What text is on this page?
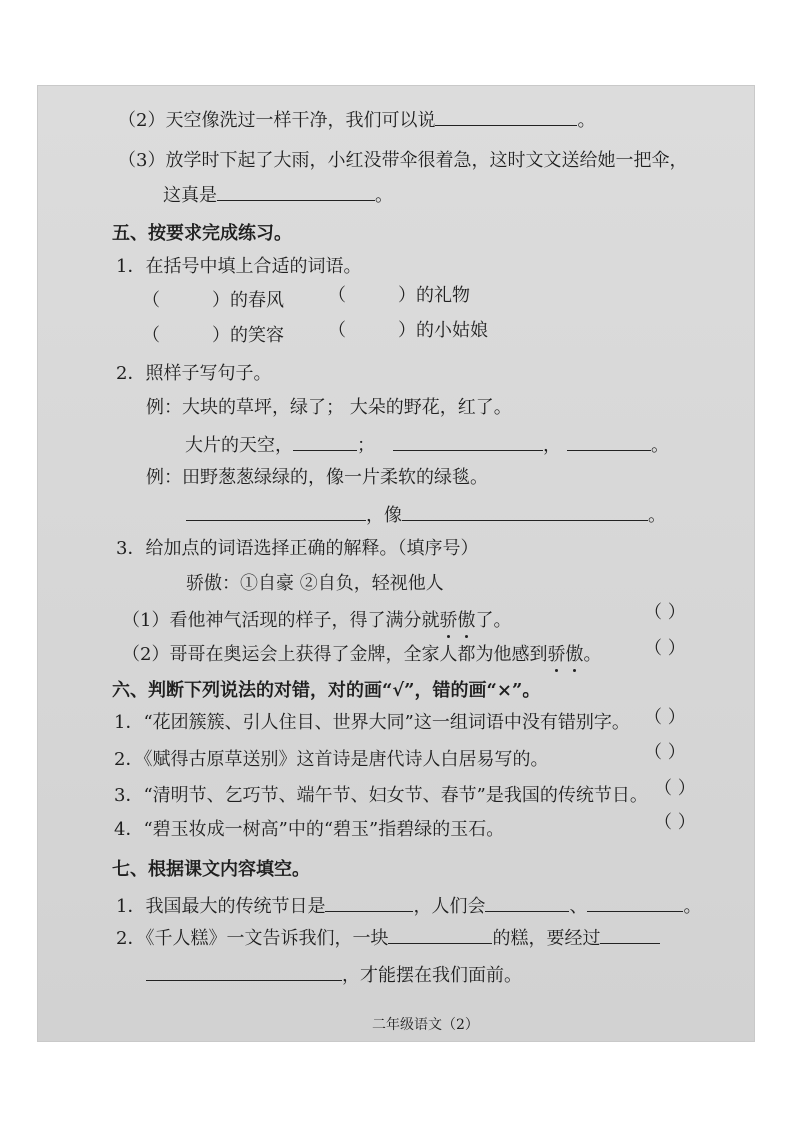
（2）天空像洗过一样干净，我们可以说	。
（3）放学时下起了大雨，小红没带伞很着急，这时文文送给她一把伞，
这真是	。
五、按要求完成练习。
1．在括号中填上合适的词语。
（	）的春风 （	）的礼物
（	）的笑容 （	）的小姑娘
2．照样子写句子。
例：大块的草坪，绿了； 大朵的野花，红了。
大片的天空，	；	，	。
例：田野葱葱绿绿的，像一片柔软的绿毯。
，像	。
3．给加点的词语选择正确的解释。（填序号）
骄傲：①自豪 ②自负，轻视他人
（1）看他神气活现的样子，得了满分就骄傲了。	（ ）
（2）哥哥在奥运会上获得了金牌，全家人都为他感到骄傲。 （ ）
六、判断下列说法的对错，对的画“√”，错的画“×”。
1．“花团簇簇、引人住目、世界大同”这一组词语中没有错别字。 （ ）
2．《赋得古原草送别》这首诗是唐代诗人白居易写的。	（ ）
3．“清明节、乞巧节、端午节、妇女节、春节”是我国的传统节日。 （ ）
4．“碧玉妆成一树高”中的“碧玉”指碧绿的玉石。	（ ）
七、根据课文内容填空。
1．我国最大的传统节日是	，人们会	、	。
2．《千人糕》一文告诉我们，一块	的糕，要经过
，才能摆在我们面前。
二年级语文（2）
